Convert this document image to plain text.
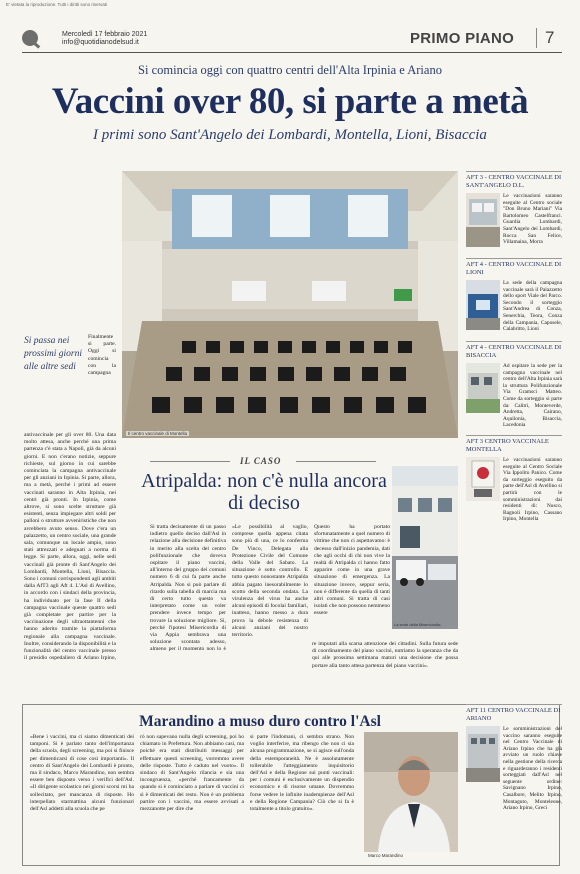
E' vietata la riproduzione. Tutti i diritti sono riservati
Mercoledì 17 febbraio 2021
info@quotidianodelsud.it	PRIMO PIANO	7
Si comincia oggi con quattro centri dell'Alta Irpinia e Ariano
Vaccini over 80, si parte a metà
I primi sono Sant'Angelo dei Lombardi, Montella, Lioni, Bisaccia
Finalmente si parte. Oggi si comincia con la campagna antivaccinale per gli over 80. Una data molto attesa, anche perché una prima partenza c'è stata a Napoli, già da alcuni giorni. E non c'erano notizie, seppure richieste, sul giorno in cui sarebbe cominciata la campagna antivaccinale per gli anziani in Irpinia. Si parte, allora, ma a metà, perché i primi ad essere vaccinati saranno in Alta Irpinia, nei centri già pronti. In Irpinia, come altrove, si sono scelte strutture già esistenti, senza impiegare altri soldi per palloni o strutture avveniristiche che non avrebbero avuto senso. Dove c'era un palazzetto, un centro sociale, una grande sala, comunque un locale ampio, sono stati attrezzati e adeguati a norma di legge. Si parte, allora, oggi, nelle sedi vaccinali già pronte di Sant'Angelo dei Lombardi, Montella, Lioni, Bisaccia. Sono i comuni corrispondenti agli ambiti dalla AfT3 agli Aft 4. L'Asl di Avellino, in accordo con i sindaci della provincia, ha individuato per la fase II della campagna vaccinale queste quattro sedi già completate per partire per la vaccinazione degli ultraottantenni che hanno aderito tramite la piattaforma regionale alla campagna vaccinale. Inoltre, considerando la disponibilità e la funzionalità del centro vaccinale presso il presidio ospedaliero di Ariano Irpino,
Si passa nei prossimi giorni alle altre sedi
Il centro vaccinale di Montella
IL CASO
Atripalda: non c'è nulla ancora di deciso
La sede della Misericordia
Si tratta decisamente di un passo indietro quello deciso dall'Asl in relazione alla decisione definitiva in merito alla scelta del centro polifunzionale che doveva ospitare il piano vaccini, all'interno del gruppo dei comuni numero 6 di cui fa parte anche Atripalda. Non si può parlare di ritardo sulla tabella di marcia ma di certo tutto questo va interpretato come un voler prendere invece tempo per trovare la soluzione migliore. Sì, perché l'ipotesi Misericordia di via Appia sembrava una soluzione scontata adesso, almeno per il momento non lo è
«Le possibilità al vaglio, comprese quella appena citata sono più di una, ce lo conferma De Vinco, Delegata alla Protezione Civile del Comune della Valle del Sabato. La situazione è sotto controllo. E tutto questo nonostante Atripalda abbia pagato inesorabilmente lo scotto della seconda ondata. La virulenza del virus ha anche alcuni episodi di focolai familiari, inatteso, hanno messo a dura prova la debole resistenza di alcuni anziani del nostro territorio.
Questo ha portato sfortunatamente a quel numero di vittime che non ci aspettavamo: è decesso dall'inizio pandemia, dati che agli occhi di chi non vive la realtà di Atripalda ci hanno fatto apparire come in una grave situazione di emergenza. La situazione invece, seppur seria, non è differente da quella di tanti altri comuni. Si tratta di casi isolati che non possono nemmeno essere
re imputati alla scarsa attenzione dei cittadini. Sulla futura sede di coordinamento del piano vaccini, nutriamo la speranza che da qui alle prossima settimana maturi una decisione che possa portare alla tanto attesa partenza del piano vaccini».
AFT 3 - CENTRO VACCINALE DI SANT'ANGELO D.L.
Le vaccinazioni saranno eseguite al Centro sociale "Don Bruno Mariani" Via Bartolomeo Castelfranci. Guardia Lombardi, Sant'Angelo dei Lombardi, Rocca San Felice, Villamaina, Morra
AFT 4 - CENTRO VACCINALE DI LIONI
La sede della campagna vaccinale sarà il Palazzetto dello sport Viale del Parco. Secondo il sorteggio Sant'Andrea di Conza, Senerchia, Teora, Conza della Campania, Caposele, Calabritto, Lioni
AFT 4 - CENTRO VACCINALE DI BISACCIA
Ad ospitare la sede per la campagna vaccinale nel centro dell'Alta Irpinia sarà la struttura Polifunzionale Via Gramsci Matteo. Come da sorteggio si parte da: Calitri, Monteverde, Andretta, Cairano, Aquilonia, Bisaccia, Lacedonia
AFT 3 CENTRO VACCINALE MONTELLA
Le vaccinazioni saranno eseguite al Centro Sociale Via Ippolito Panico. Come da sorteggio eseguito da parte dell'Asl di Avellino si partirà con le somministrazioni dai residenti di: Nusco, Bagnoli Irpino, Cassano Irpino, Montella
Marandino a muso duro contro l'Asl
«Bene i vaccini, ma ci siamo dimenticati dei tamponi. Si è parlato tanto dell'importanza della scuola, degli screening, ma poi si finisce per dimenticarsi di cose così importanti». Il centro di Sant'Angelo dei Lombardi è pronto, ma il sindaco, Marco Marandino, non sembra essere ben disposto verso i verifici dell'Asl. «Il dirigente scolastico nei giorni scorsi mi ha sollecitato, per mancanza di risposte. Ho interpellato starmattina alcuni funzionari dell'Asl addetti alla scuola che pe
rò non sapevano nulla degli screening, poi ho chiamato in Prefettura. Non abbiamo casi, ma poiché era stati distribuiti messaggi per effettuare questi screening, vorremmo avere delle risposte. Tutto è caduto nel vuoto». Il sindaco di Sant'Angelo rilancia e sia una incongruenza, «perché francamente da quando si è cominciato a parlare di vaccini ci si è dimenticati dei resto. Non è un problema partire con i vaccini, ma essere avvisati a mezzanotte per dire che
si parte l'indomani, ci sembra strano. Non voglio interferire, ma ribengo che non ci sia alcuna programmazione, se si agisce sull'onda della estemporaneità. Ne è assolutamente tollerabile l'atteggiamento inquisitorio dell'Asl e della Regione sui punti vaccinali: per i comuni è esclusivamente un dispendio economico e di risorse umane. Dovremmo forse vedere le infinite inadempienze dell'Asl e della Regione Campania? Ciò che si fa è totalmente a titolo gratuito».
Marco Marandino
AFT 11 CENTRO VACCINALE DI ARIANO
Le somministrazioni del vaccino saranno eseguite nel Centro Vaccinale di Ariano Irpino che ha già avviato un ruolo chiave nella gestione della ricerca e riguarderanno i residenti sorteggiati dall'Asl nel seguente ordine: Savignano Irpino, Casalbore, Melito Irpino, Montaguto, Monteleone, Ariano Irpino, Greci
